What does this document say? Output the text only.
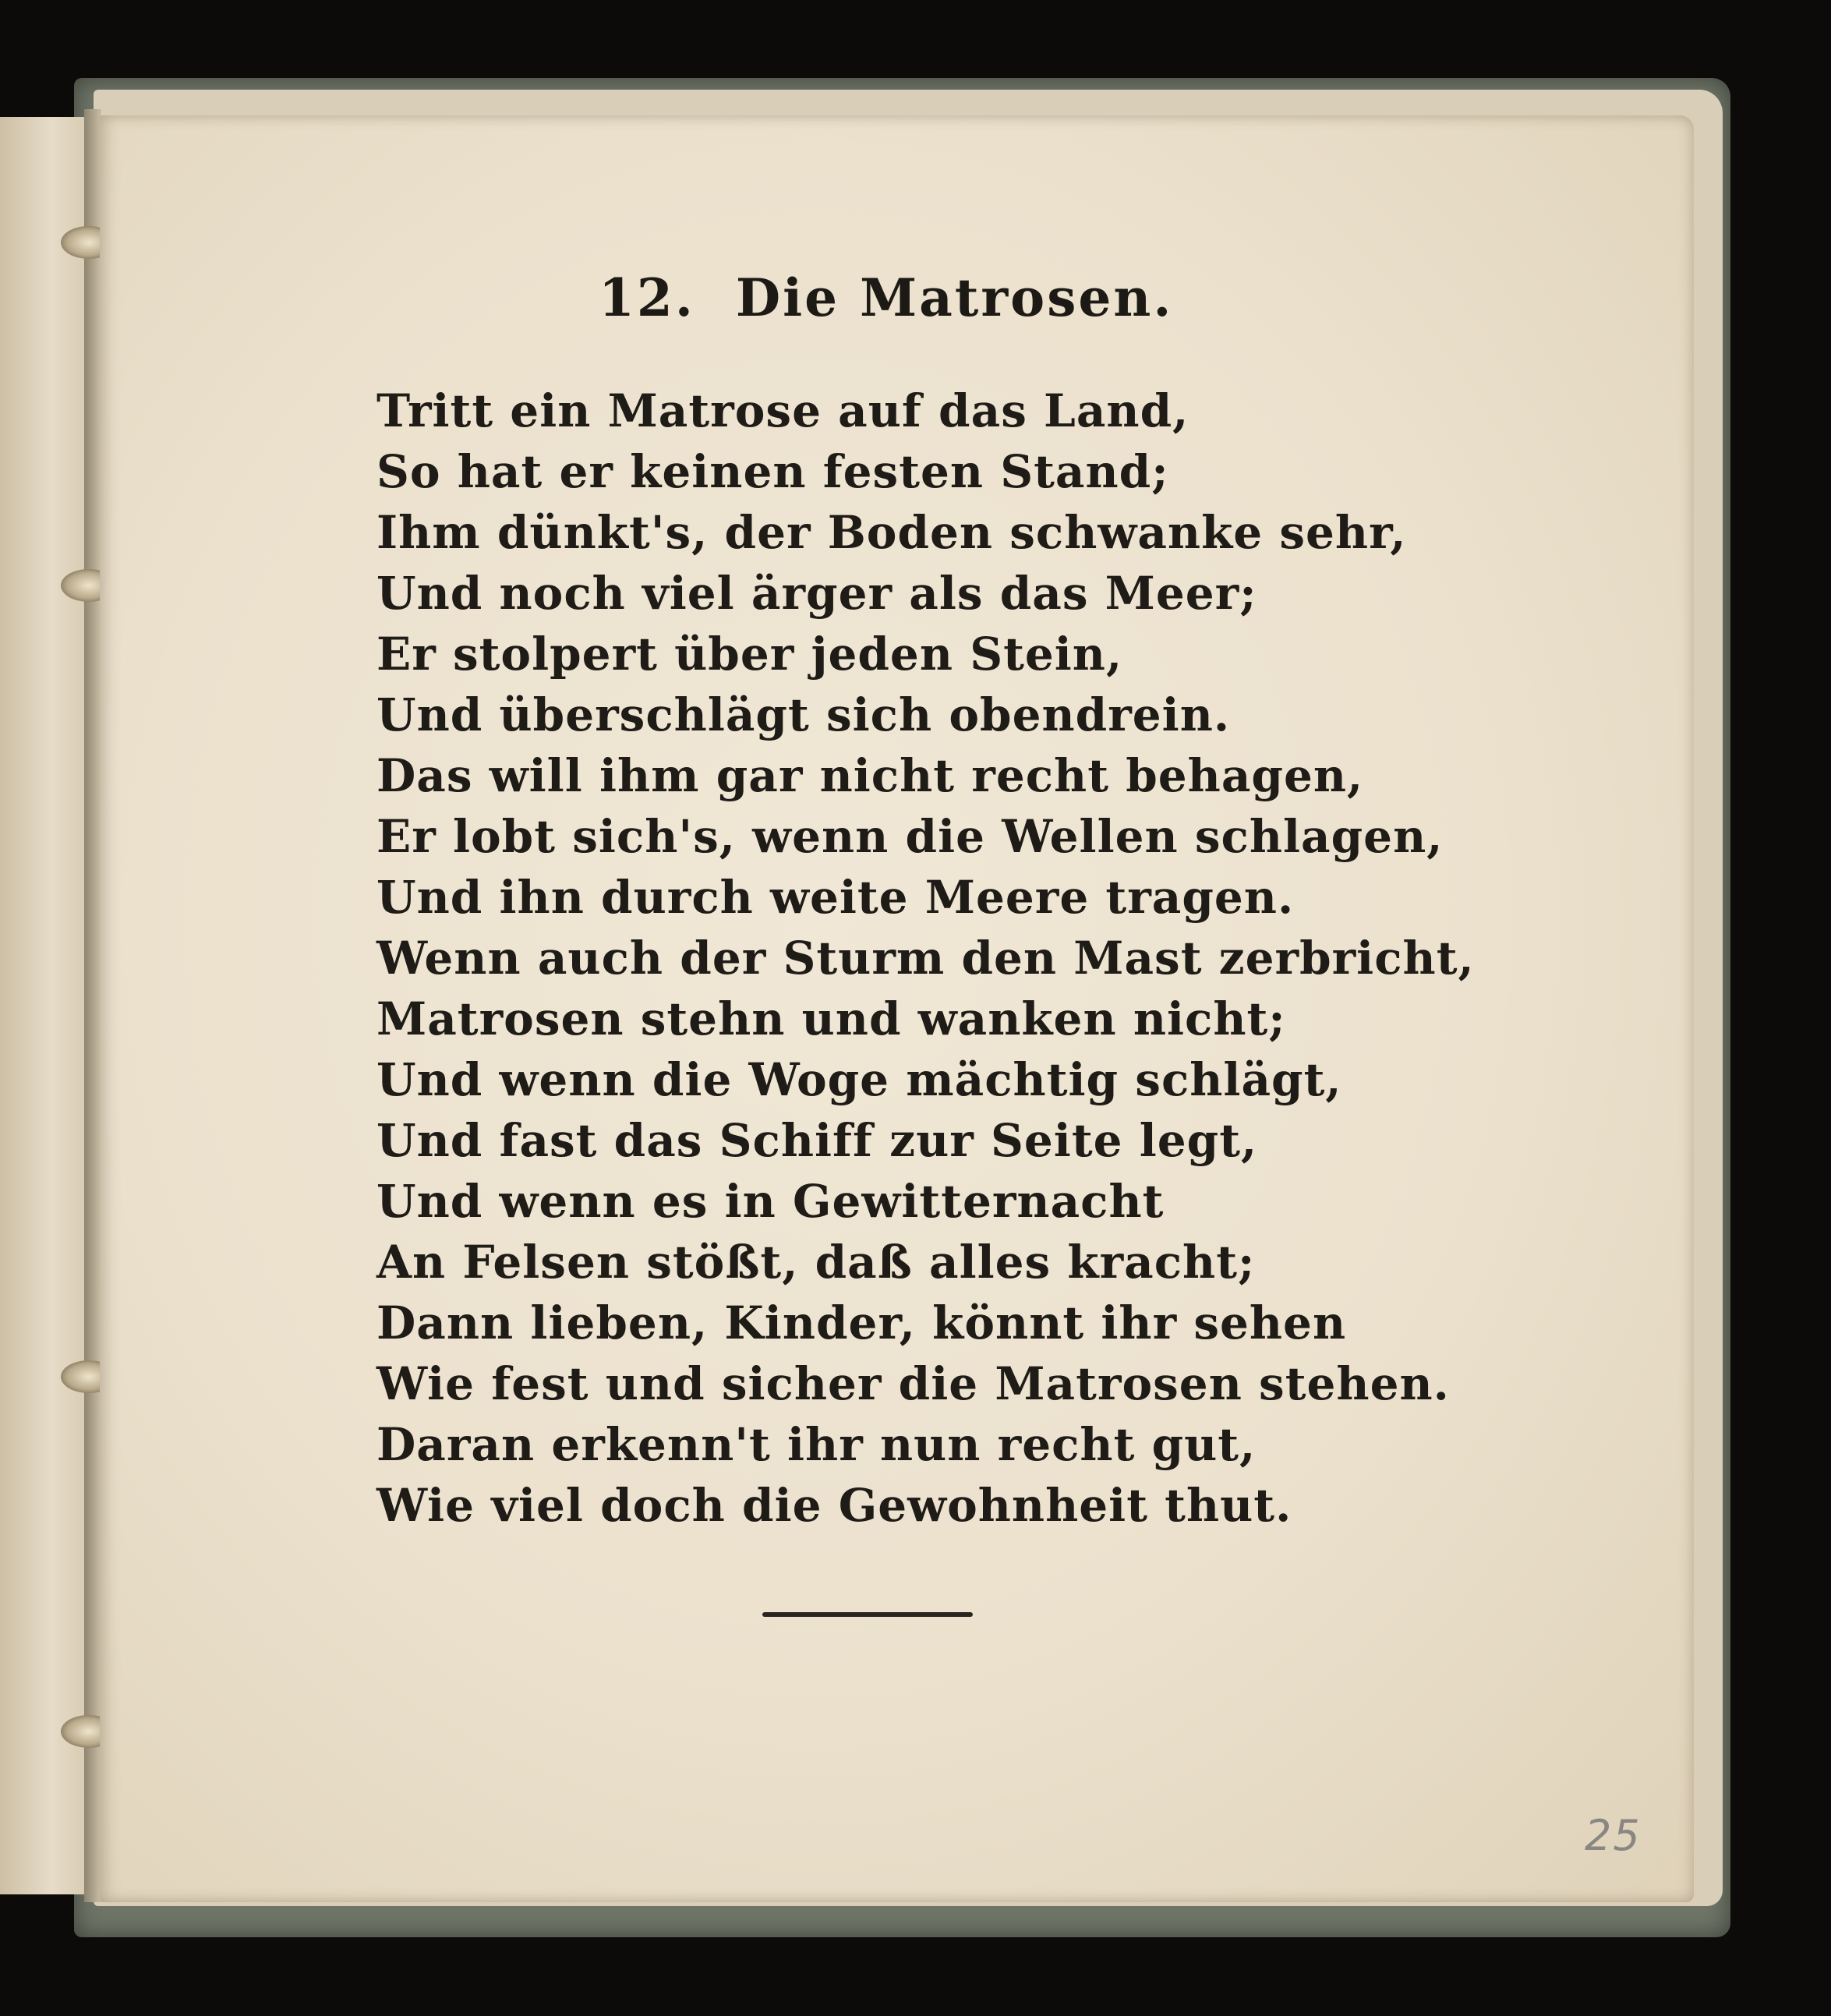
12. Die Matrosen.
Tritt ein Matrose auf das Land,
So hat er keinen festen Stand;
Ihm dünkt's, der Boden schwanke sehr,
Und noch viel ärger als das Meer;
Er stolpert über jeden Stein,
Und überschlägt sich obendrein.
Das will ihm gar nicht recht behagen,
Er lobt sich's, wenn die Wellen schlagen,
Und ihn durch weite Meere tragen.
Wenn auch der Sturm den Mast zerbricht,
Matrosen stehn und wanken nicht;
Und wenn die Woge mächtig schlägt,
Und fast das Schiff zur Seite legt,
Und wenn es in Gewitternacht
An Felsen stößt, daß alles kracht;
Dann lieben, Kinder, könnt ihr sehen
Wie fest und sicher die Matrosen stehen.
Daran erkenn't ihr nun recht gut,
Wie viel doch die Gewohnheit thut.
25
